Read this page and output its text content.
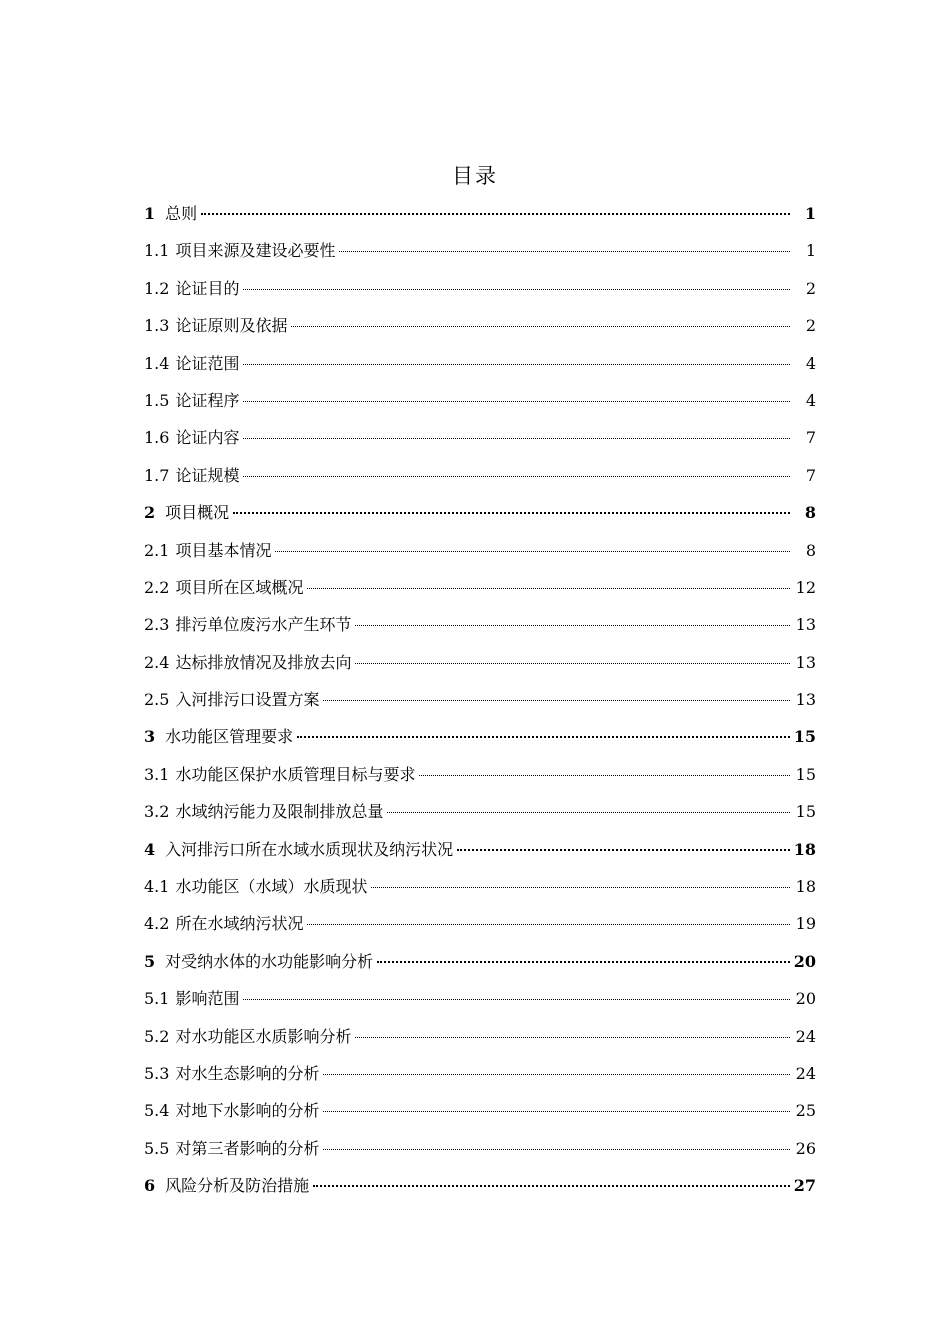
目录
1 总则	1
1.1 项目来源及建设必要性	1
1.2 论证目的	2
1.3 论证原则及依据	2
1.4 论证范围	4
1.5 论证程序	4
1.6 论证内容	7
1.7 论证规模	7
2 项目概况	8
2.1 项目基本情况	8
2.2 项目所在区域概况	12
2.3 排污单位废污水产生环节	13
2.4 达标排放情况及排放去向	13
2.5 入河排污口设置方案	13
3 水功能区管理要求	15
3.1 水功能区保护水质管理目标与要求	15
3.2 水域纳污能力及限制排放总量	15
4 入河排污口所在水域水质现状及纳污状况	18
4.1 水功能区（水域）水质现状	18
4.2 所在水域纳污状况	19
5 对受纳水体的水功能影响分析	20
5.1 影响范围	20
5.2 对水功能区水质影响分析	24
5.3 对水生态影响的分析	24
5.4 对地下水影响的分析	25
5.5 对第三者影响的分析	26
6 风险分析及防治措施	27
